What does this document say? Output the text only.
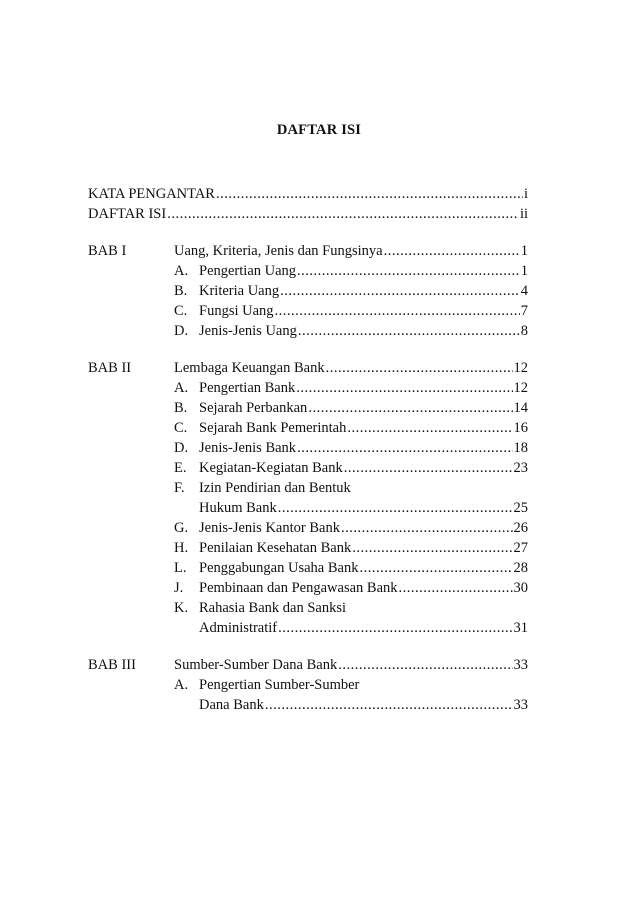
DAFTAR ISI
KATA PENGANTAR .....	i
DAFTAR ISI .....	ii
BAB I	Uang, Kriteria, Jenis dan Fungsinya .....	1
A. Pengertian Uang .....	1
B. Kriteria Uang .....	4
C. Fungsi Uang .....	7
D. Jenis-Jenis Uang .....	8
BAB II	Lembaga Keuangan Bank .....	12
A. Pengertian Bank .....	12
B. Sejarah Perbankan .....	14
C. Sejarah Bank Pemerintah .....	16
D. Jenis-Jenis Bank .....	18
E. Kegiatan-Kegiatan Bank .....	23
F. Izin Pendirian dan Bentuk
Hukum Bank .....	25
G. Jenis-Jenis Kantor Bank .....	26
H. Penilaian Kesehatan Bank .....	27
L. Penggabungan Usaha Bank .....	28
J.	Pembinaan dan Pengawasan Bank .....	30
K. Rahasia Bank dan Sanksi
Administratif .....	31
BAB III	Sumber-Sumber Dana Bank .....	33
A. Pengertian Sumber-Sumber
Dana Bank .....	33
